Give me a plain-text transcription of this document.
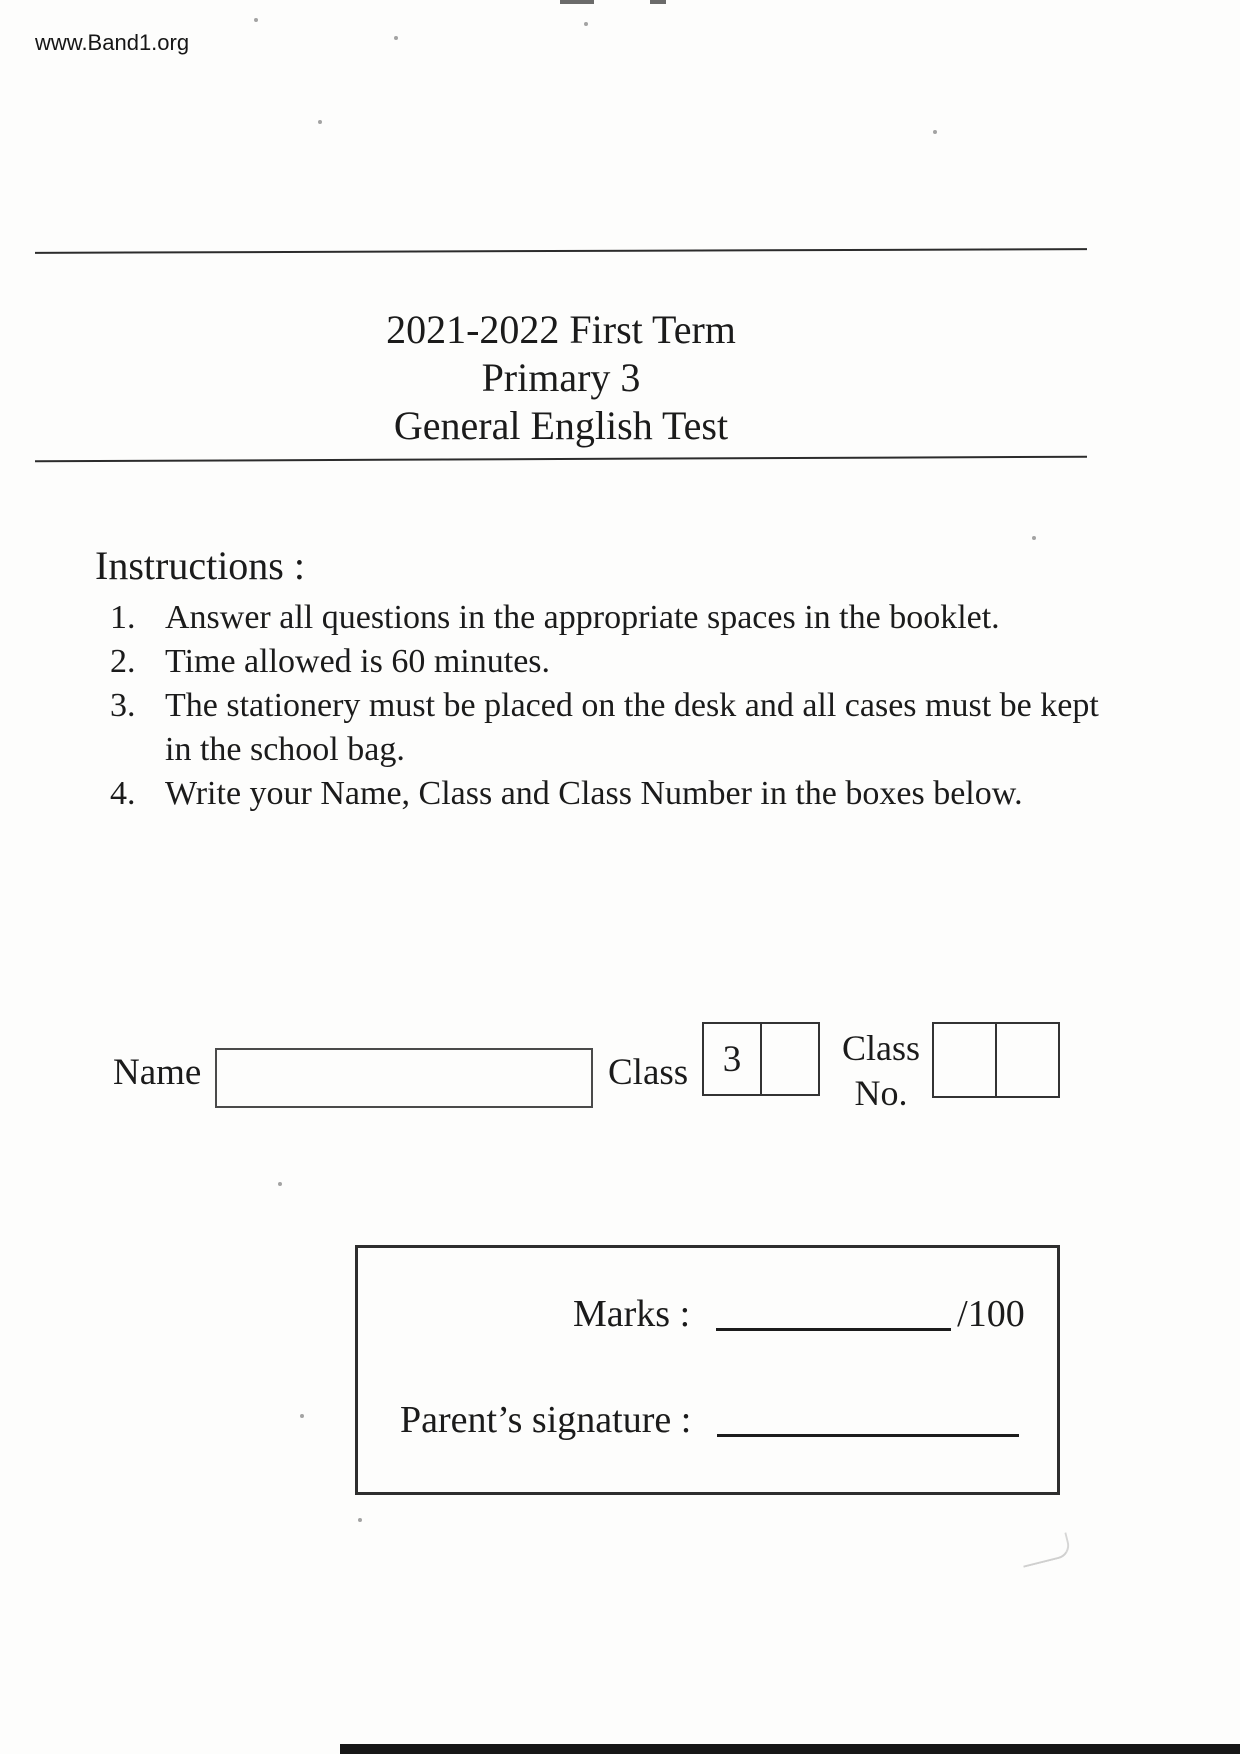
www.Band1.org
2021-2022 First Term
Primary 3
General English Test
Instructions :
1. Answer all questions in the appropriate spaces in the booklet.
2. Time allowed is 60 minutes.
3. The stationery must be placed on the desk and all cases must be kept in the school bag.
4. Write your Name, Class and Class Number in the boxes below.
Name	Class 3	Class
No.
Marks :	/100
Parent’s signature :
